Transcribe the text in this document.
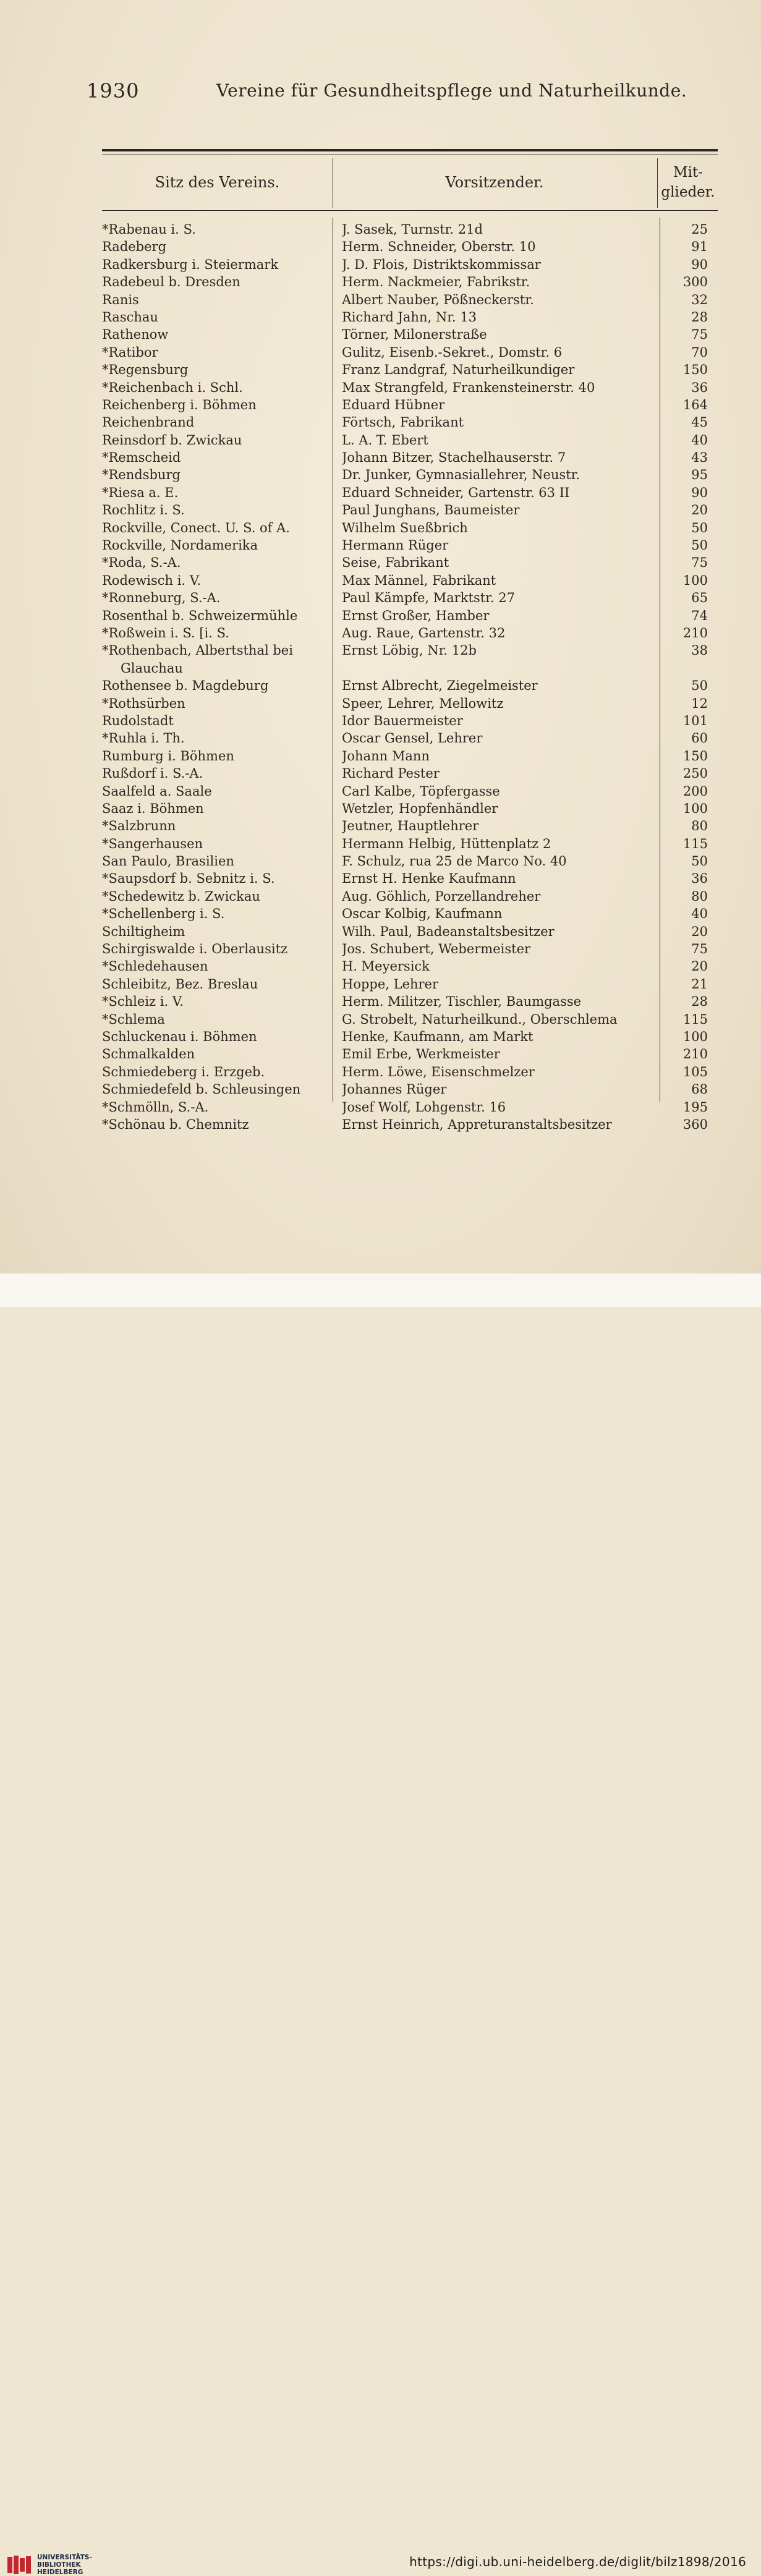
1930	Vereine für Gesundheitspflege und Naturheilkunde.
Sitz des Vereins.	Vorsitzender.
Mit-
glieder.
*Rabenau i. S.	J. Sasek, Turnstr. 21d	25
Radeberg	Herm. Schneider, Oberstr. 10	91
Radkersburg i. Steiermark	J. D. Flois, Distriktskommissar	90
Radebeul b. Dresden	Herm. Nackmeier, Fabrikstr.	300
Ranis	Albert Nauber, Pößneckerstr.	32
Raschau	Richard Jahn, Nr. 13	28
Rathenow	Törner, Milonerstraße	75
*Ratibor	Gulitz, Eisenb.-Sekret., Domstr. 6	70
*Regensburg	Franz Landgraf, Naturheilkundiger	150
*Reichenbach i. Schl.	Max Strangfeld, Frankensteinerstr. 40	36
Reichenberg i. Böhmen	Eduard Hübner	164
Reichenbrand	Förtsch, Fabrikant	45
Reinsdorf b. Zwickau	L. A. T. Ebert	40
*Remscheid	Johann Bitzer, Stachelhauserstr. 7	43
*Rendsburg	Dr. Junker, Gymnasiallehrer, Neustr.	95
*Riesa a. E.	Eduard Schneider, Gartenstr. 63 II	90
Rochlitz i. S.	Paul Junghans, Baumeister	20
Rockville, Conect. U. S. of A.	Wilhelm Sueßbrich	50
Rockville, Nordamerika	Hermann Rüger	50
*Roda, S.-A.	Seise, Fabrikant	75
Rodewisch i. V.	Max Männel, Fabrikant	100
*Ronneburg, S.-A.	Paul Kämpfe, Marktstr. 27	65
Rosenthal b. Schweizermühle	Ernst Großer, Hamber	74
*Roßwein i. S. [i. S.	Aug. Raue, Gartenstr. 32	210
*Rothenbach, Albertsthal bei
Glauchau
Ernst Löbig, Nr. 12b	38
Rothensee b. Magdeburg	Ernst Albrecht, Ziegelmeister	50
*Rothsürben	Speer, Lehrer, Mellowitz	12
Rudolstadt	Idor Bauermeister	101
*Ruhla i. Th.	Oscar Gensel, Lehrer	60
Rumburg i. Böhmen	Johann Mann	150
Rußdorf i. S.-A.	Richard Pester	250
Saalfeld a. Saale	Carl Kalbe, Töpfergasse	200
Saaz i. Böhmen	Wetzler, Hopfenhändler	100
*Salzbrunn	Jeutner, Hauptlehrer	80
*Sangerhausen	Hermann Helbig, Hüttenplatz 2	115
San Paulo, Brasilien	F. Schulz, rua 25 de Marco No. 40	50
*Saupsdorf b. Sebnitz i. S.	Ernst H. Henke Kaufmann	36
*Schedewitz b. Zwickau	Aug. Göhlich, Porzellandreher	80
*Schellenberg i. S.	Oscar Kolbig, Kaufmann	40
Schiltigheim	Wilh. Paul, Badeanstaltsbesitzer	20
Schirgiswalde i. Oberlausitz	Jos. Schubert, Webermeister	75
*Schledehausen	H. Meyersick	20
Schleibitz, Bez. Breslau	Hoppe, Lehrer	21
*Schleiz i. V.	Herm. Militzer, Tischler, Baumgasse	28
*Schlema	G. Strobelt, Naturheilkund., Oberschlema	115
Schluckenau i. Böhmen	Henke, Kaufmann, am Markt	100
Schmalkalden	Emil Erbe, Werkmeister	210
Schmiedeberg i. Erzgeb.	Herm. Löwe, Eisenschmelzer	105
Schmiedefeld b. Schleusingen	Johannes Rüger	68
*Schmölln, S.-A.	Josef Wolf, Lohgenstr. 16	195
*Schönau b. Chemnitz	Ernst Heinrich, Appreturanstaltsbesitzer	360
UNIVERSITÄTS-
BIBLIOTHEK
HEIDELBERG
https://digi.ub.uni-heidelberg.de/diglit/bilz1898/2016
